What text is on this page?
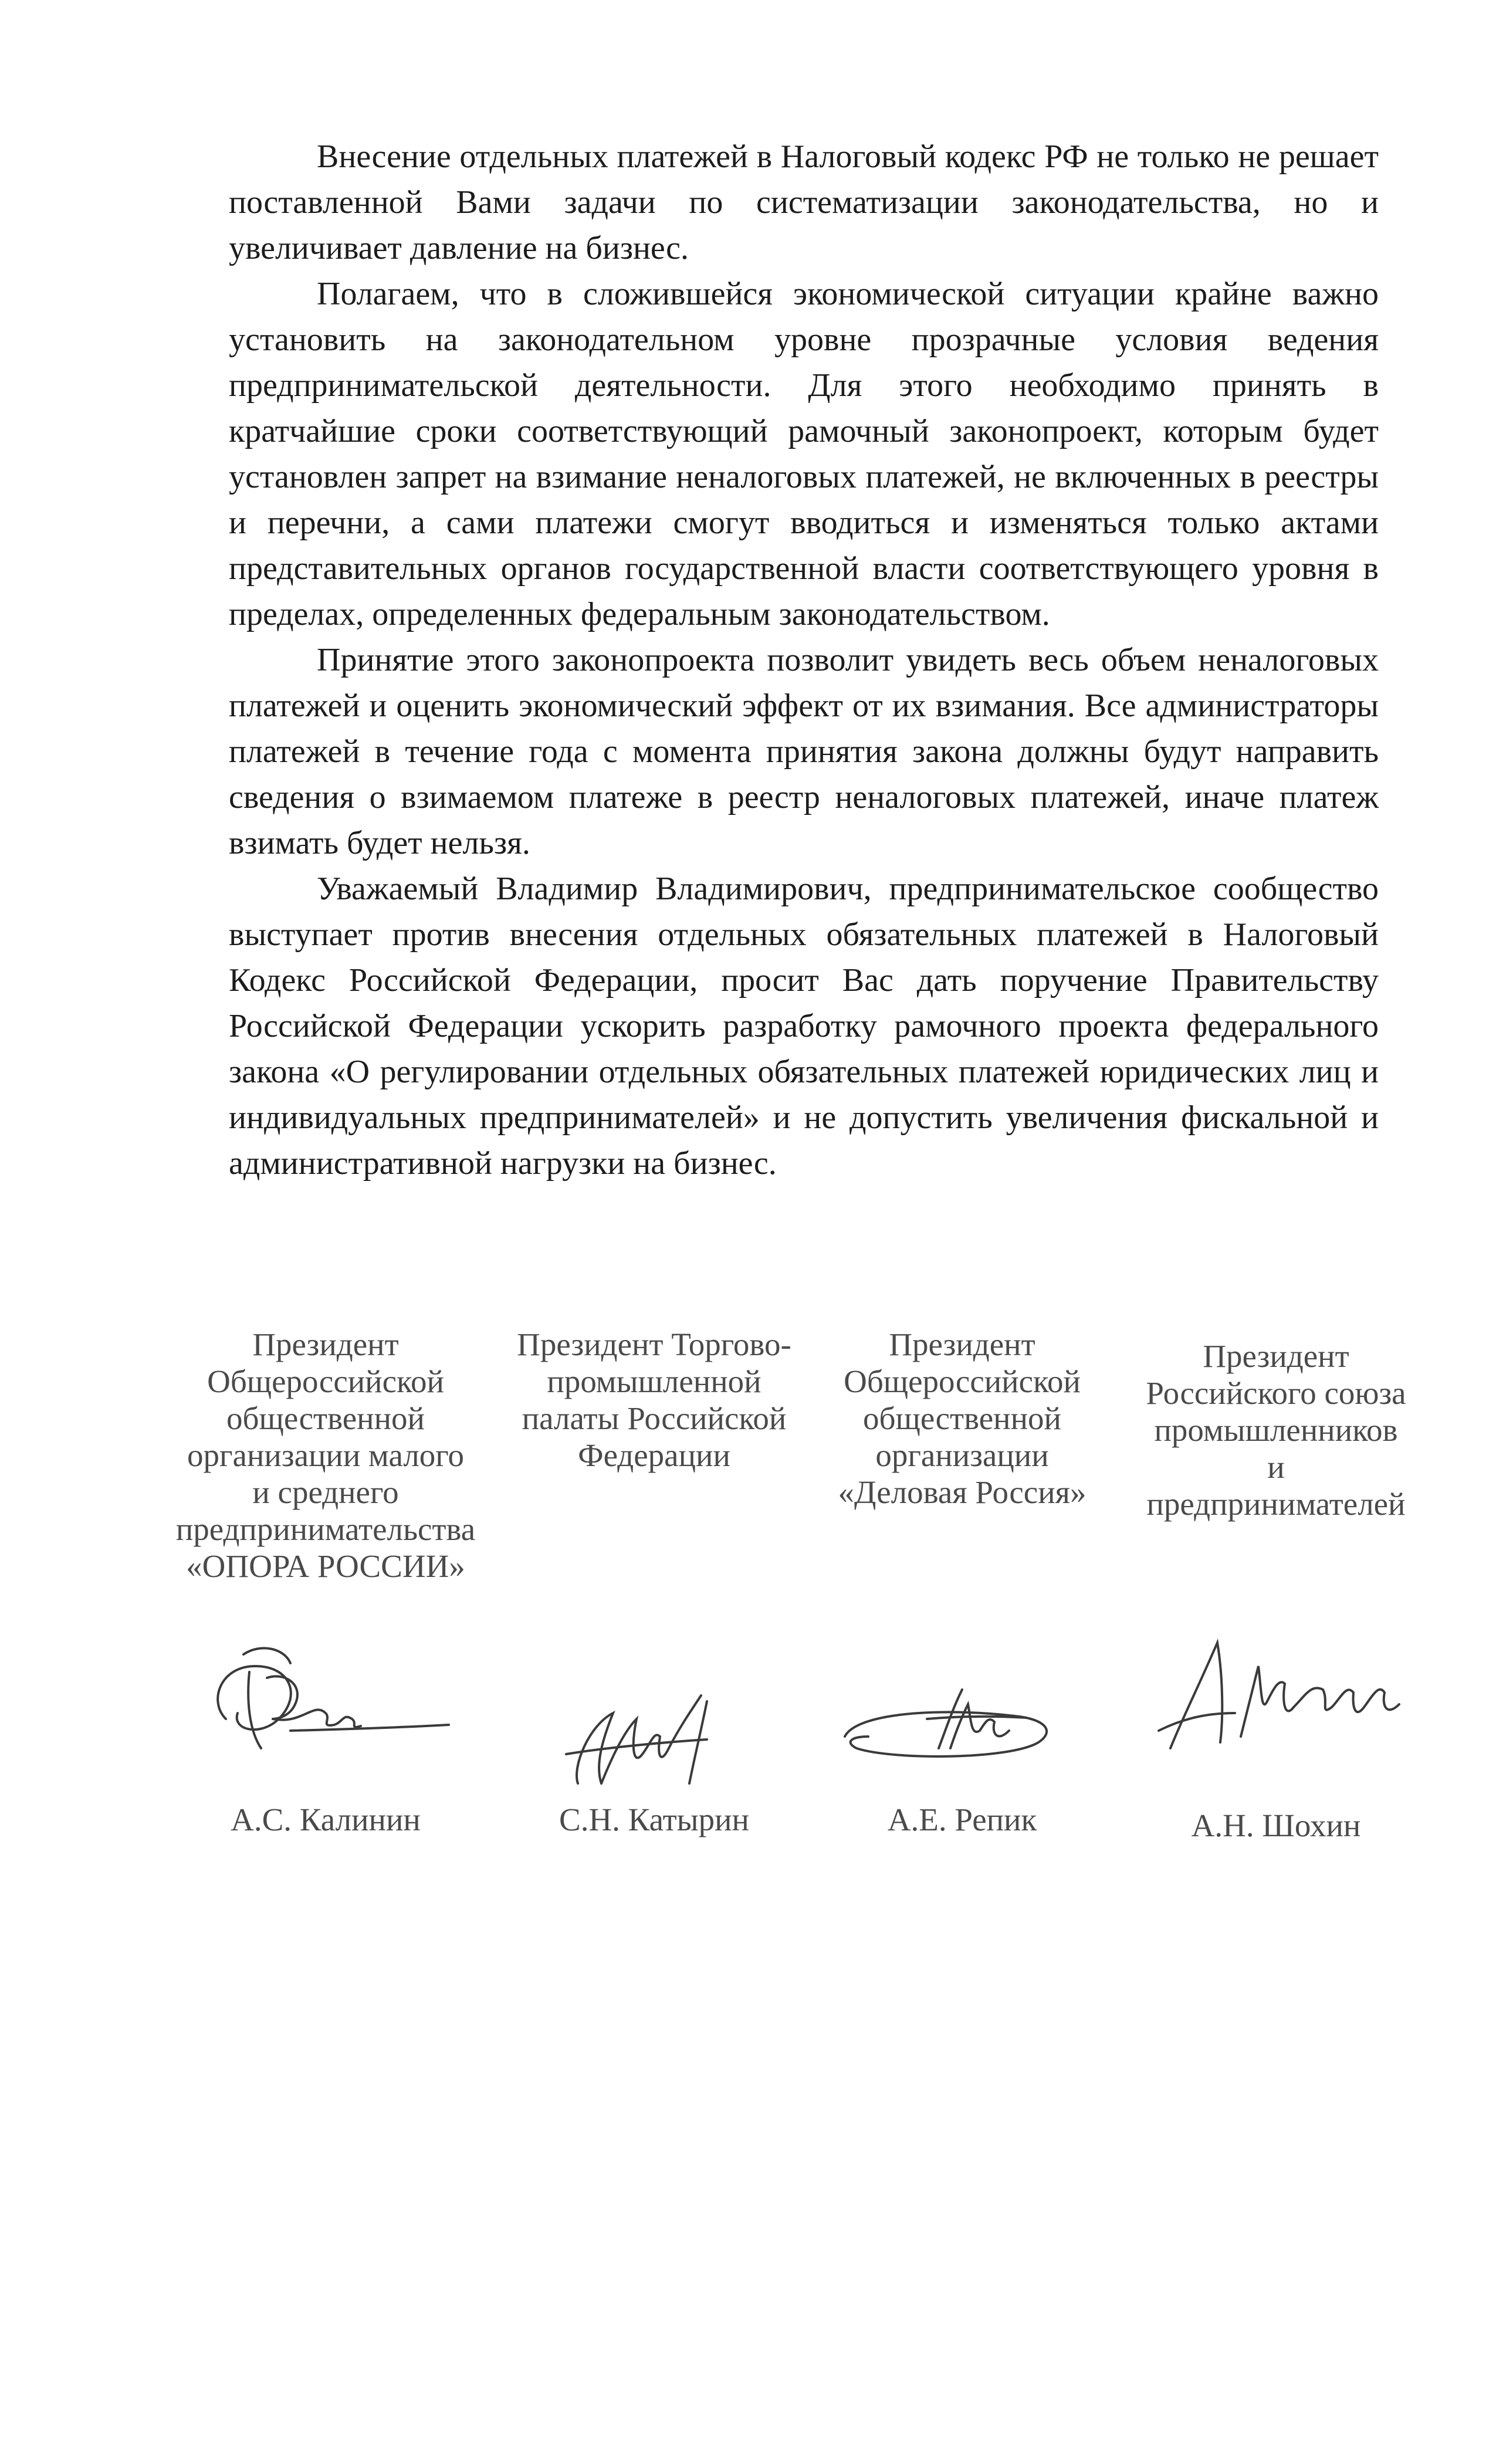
Внесение отдельных платежей в Налоговый кодекс РФ не только не решает поставленной Вами задачи по систематизации законодательства, но и увеличивает давление на бизнес.

Полагаем, что в сложившейся экономической ситуации крайне важно установить на законодательном уровне прозрачные условия ведения предпринимательской деятельности. Для этого необходимо принять в кратчайшие сроки соответствующий рамочный законопроект, которым будет установлен запрет на взимание неналоговых платежей, не включенных в реестры и перечни, а сами платежи смогут вводиться и изменяться только актами представительных органов государственной власти соответствующего уровня в пределах, определенных федеральным законодательством.

Принятие этого законопроекта позволит увидеть весь объем неналоговых платежей и оценить экономический эффект от их взимания. Все администраторы платежей в течение года с момента принятия закона должны будут направить сведения о взимаемом платеже в реестр неналоговых платежей, иначе платеж взимать будет нельзя.

Уважаемый Владимир Владимирович, предпринимательское сообщество выступает против внесения отдельных обязательных платежей в Налоговый Кодекс Российской Федерации, просит Вас дать поручение Правительству Российской Федерации ускорить разработку рамочного проекта федерального закона «О регулировании отдельных обязательных платежей юридических лиц и индивидуальных предпринимателей» и не допустить увеличения фискальной и административной нагрузки на бизнес.

Президент
Общероссийской
общественной
организации малого
и среднего
предпринимательства
«ОПОРА РОССИИ»

А.С. Калинин

Президент Торгово-
промышленной
палаты Российской
Федерации

С.Н. Катырин

Президент
Общероссийской
общественной
организации
«Деловая Россия»

А.Е. Репик

Президент
Российского союза
промышленников
и
предпринимателей

А.Н. Шохин
